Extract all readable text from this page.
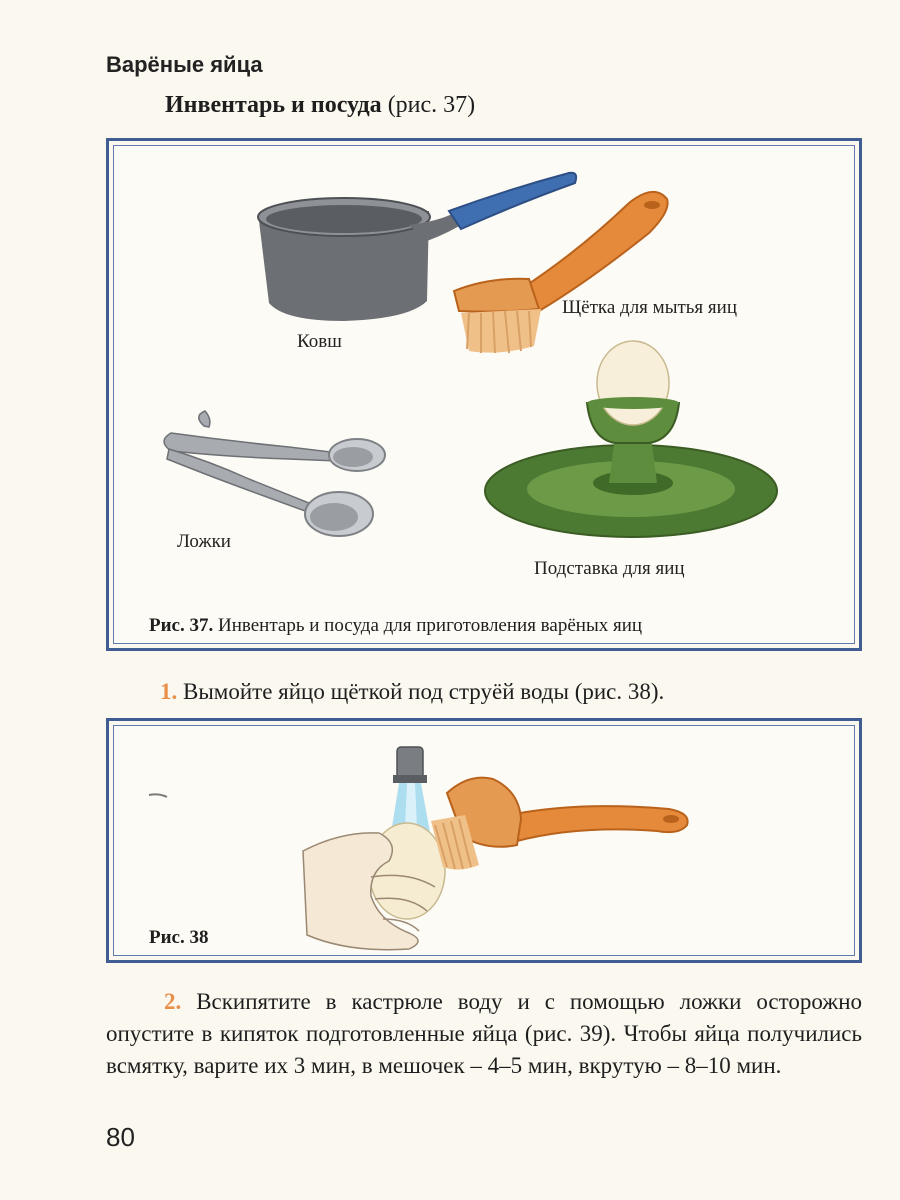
Варёные яйца
Инвентарь и посуда (рис. 37)
Ковш
Щётка для мытья яиц
Ложки
Подставка для яиц
Рис. 37. Инвентарь и посуда для приготовления варёных яиц
1. Вымойте яйцо щёткой под струёй воды (рис. 38).
Рис. 38
2. Вскипятите в кастрюле воду и с помощью ложки осторожно опустите в кипяток подготовленные яйца (рис. 39). Чтобы яйца получились всмятку, варите их 3 мин, в мешочек – 4–5 мин, вкрутую – 8–10 мин.
80
